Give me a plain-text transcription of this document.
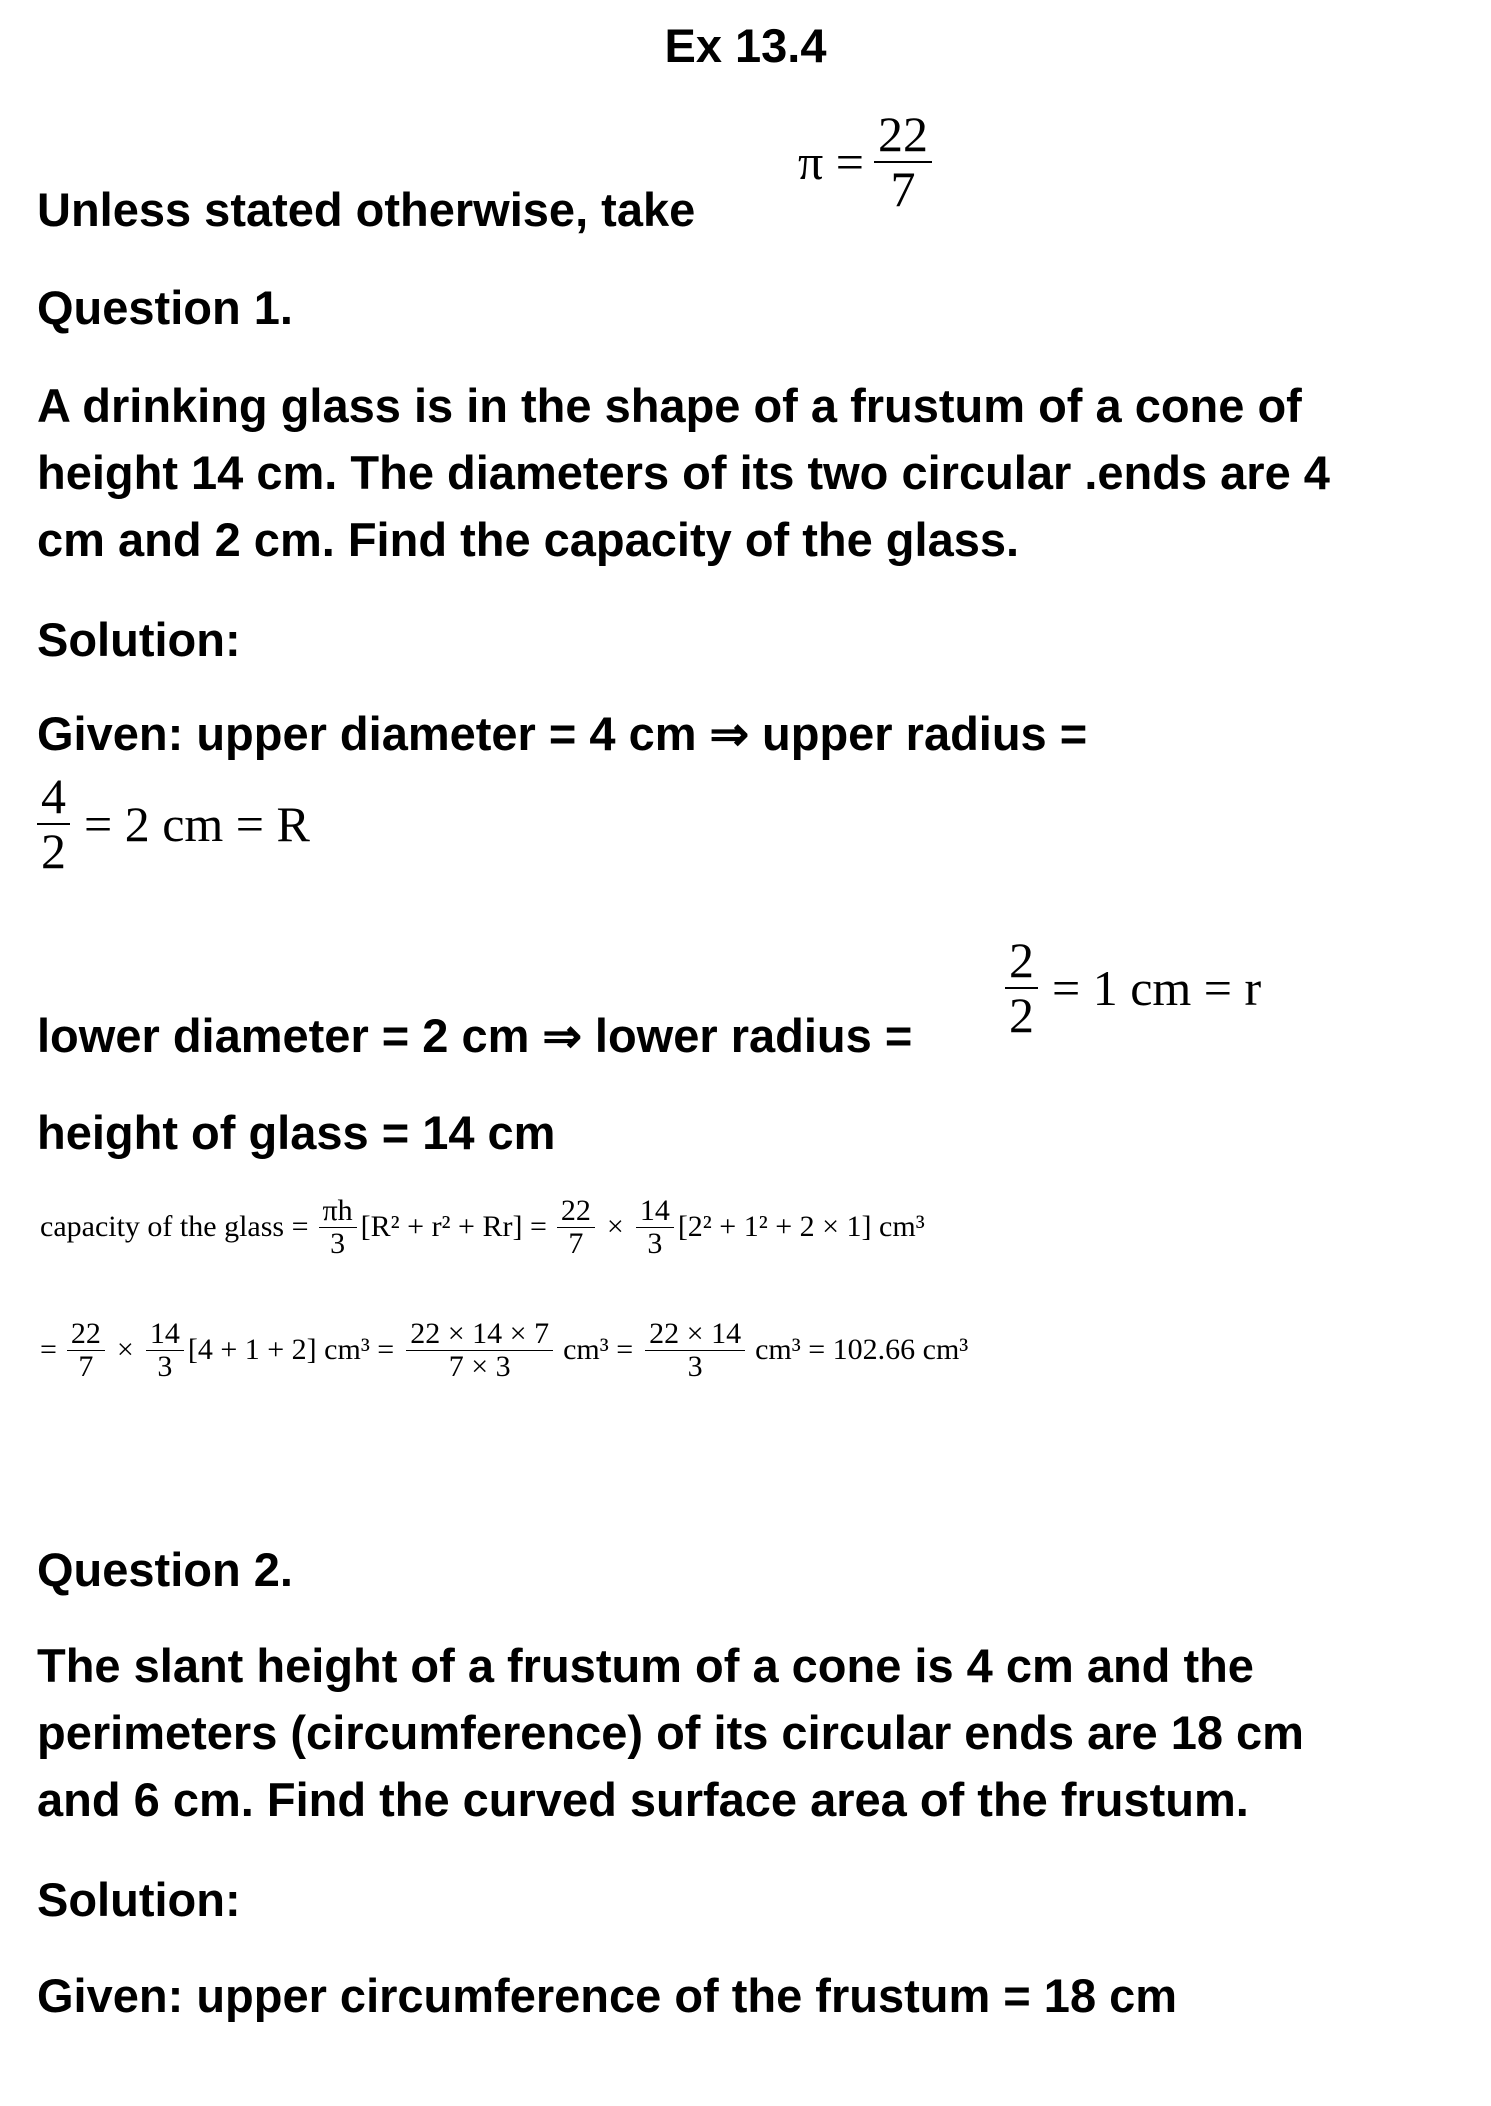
Ex 13.4
Unless stated otherwise, take
$\pi = \frac{22}{7}$
Question 1.
A drinking glass is in the shape of a frustum of a cone of
height 14 cm. The diameters of its two circular .ends are 4
cm and 2 cm. Find the capacity of the glass.
Solution:
Given: upper diameter = 4 cm ⇒ upper radius =
$\frac{4}{2} = 2$ cm = R
lower diameter = 2 cm ⇒ lower radius = $\frac{2}{2} = 1$ cm = r
height of glass = 14 cm
capacity of the glass = $\frac{\pi h}{3} [R^2 + r^2 + Rr] = \frac{22}{7} \times \frac{14}{3} [2^2 + 1^2 + 2 \times 1]$ cm³
= $\frac{22}{7} \times \frac{14}{3} [4 + 1 + 2] cm^3 = \frac{22 \times 14 \times 7}{7 \times 3} cm^3 = \frac{22 \times 14}{3} cm^3 = 102.66$ cm³
Question 2.
The slant height of a frustum of a cone is 4 cm and the
perimeters (circumference) of its circular ends are 18 cm
and 6 cm. Find the curved surface area of the frustum.
Solution:
Given: upper circumference of the frustum = 18 cm
